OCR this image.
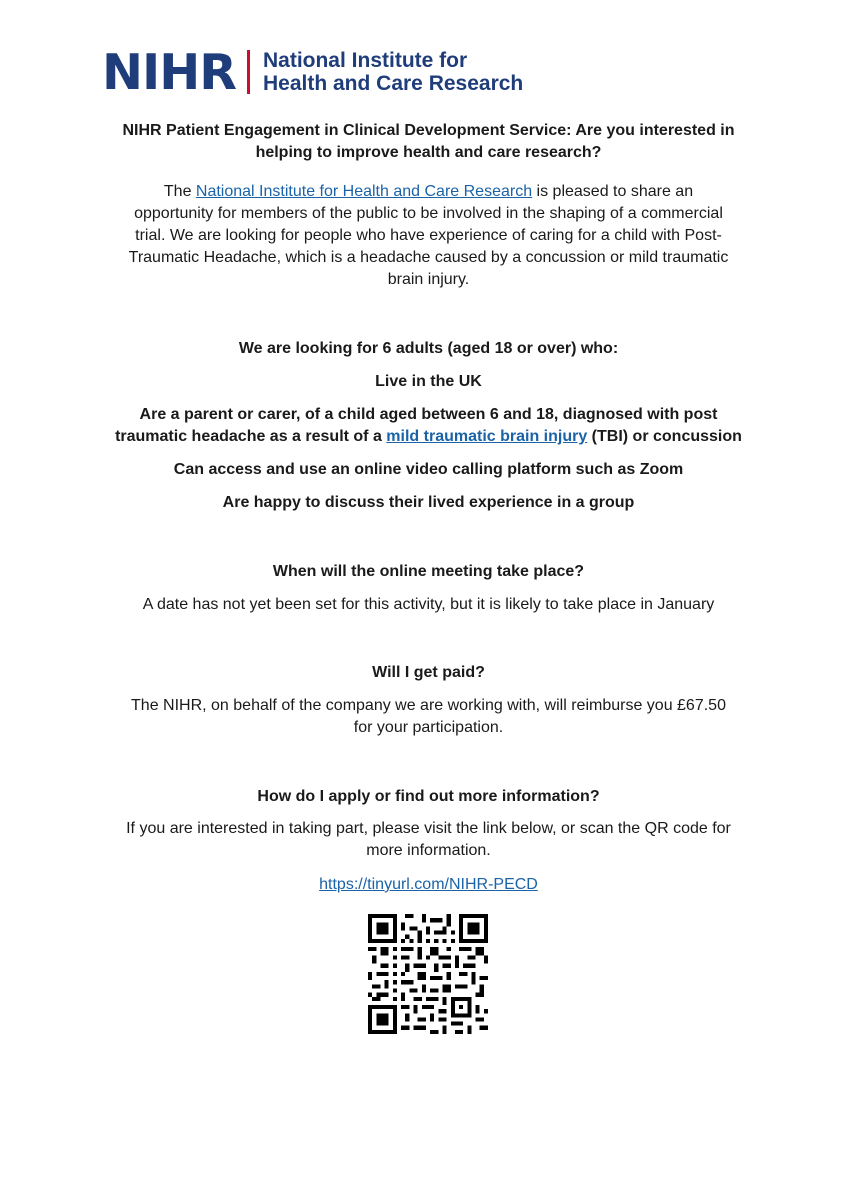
NIHR National Institute for
Health and Care Research
NIHR Patient Engagement in Clinical Development Service: Are you interested in
helping to improve health and care research?
The National Institute for Health and Care Research is pleased to share an
opportunity for members of the public to be involved in the shaping of a commercial
trial. We are looking for people who have experience of caring for a child with Post-
Traumatic Headache, which is a headache caused by a concussion or mild traumatic
brain injury.
We are looking for 6 adults (aged 18 or over) who:
Live in the UK
Are a parent or carer, of a child aged between 6 and 18, diagnosed with post
traumatic headache as a result of a mild traumatic brain injury (TBI) or concussion
Can access and use an online video calling platform such as Zoom
Are happy to discuss their lived experience in a group
When will the online meeting take place?
A date has not yet been set for this activity, but it is likely to take place in January
Will I get paid?
The NIHR, on behalf of the company we are working with, will reimburse you £67.50
for your participation.
How do I apply or find out more information?
If you are interested in taking part, please visit the link below, or scan the QR code for
more information.
https://tinyurl.com/NIHR-PECD
